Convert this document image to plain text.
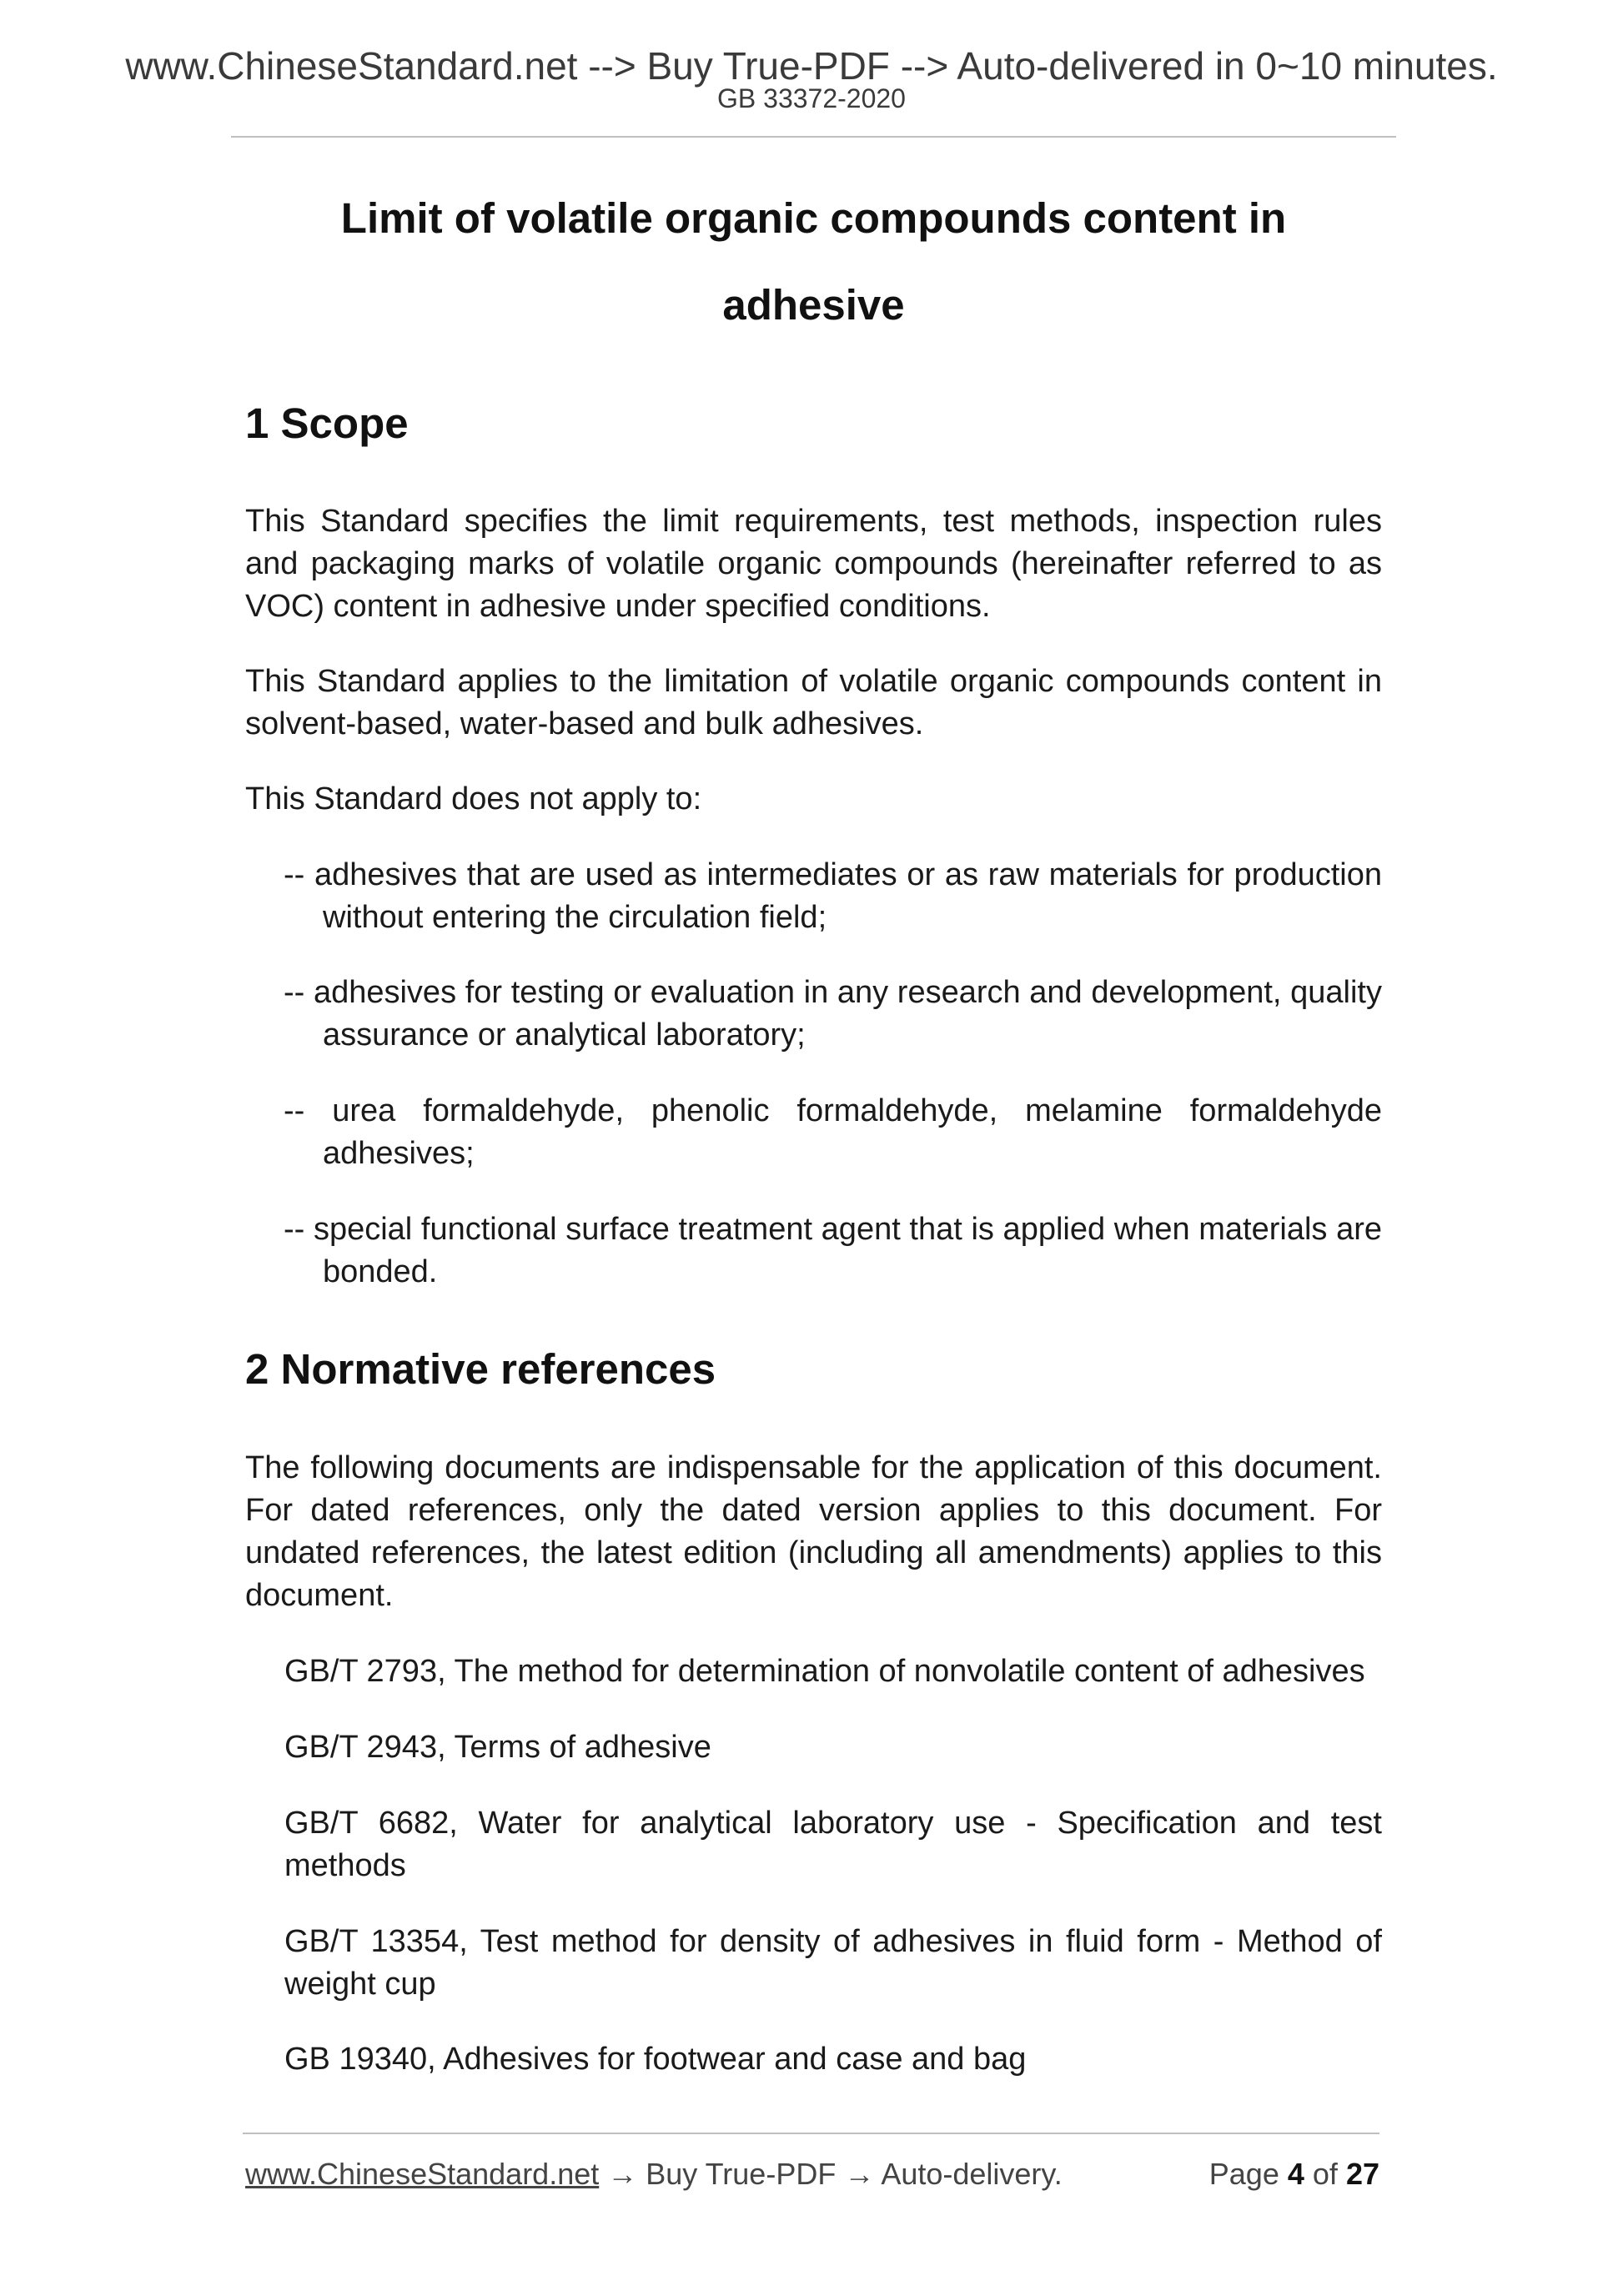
www.ChineseStandard.net --> Buy True-PDF --> Auto-delivered in 0~10 minutes.
GB 33372-2020
Limit of volatile organic compounds content in
adhesive
1 Scope
This Standard specifies the limit requirements, test methods, inspection rules and packaging marks of volatile organic compounds (hereinafter referred to as VOC) content in adhesive under specified conditions.
This Standard applies to the limitation of volatile organic compounds content in solvent-based, water-based and bulk adhesives.
This Standard does not apply to:
-- adhesives that are used as intermediates or as raw materials for production without entering the circulation field;
-- adhesives for testing or evaluation in any research and development, quality assurance or analytical laboratory;
-- urea formaldehyde, phenolic formaldehyde, melamine formaldehyde adhesives;
-- special functional surface treatment agent that is applied when materials are bonded.
2 Normative references
The following documents are indispensable for the application of this document. For dated references, only the dated version applies to this document. For undated references, the latest edition (including all amendments) applies to this document.
GB/T 2793, The method for determination of nonvolatile content of adhesives
GB/T 2943, Terms of adhesive
GB/T 6682, Water for analytical laboratory use - Specification and test methods
GB/T 13354, Test method for density of adhesives in fluid form - Method of weight cup
GB 19340, Adhesives for footwear and case and bag
www.ChineseStandard.net → Buy True-PDF → Auto-delivery.	Page 4 of 27
